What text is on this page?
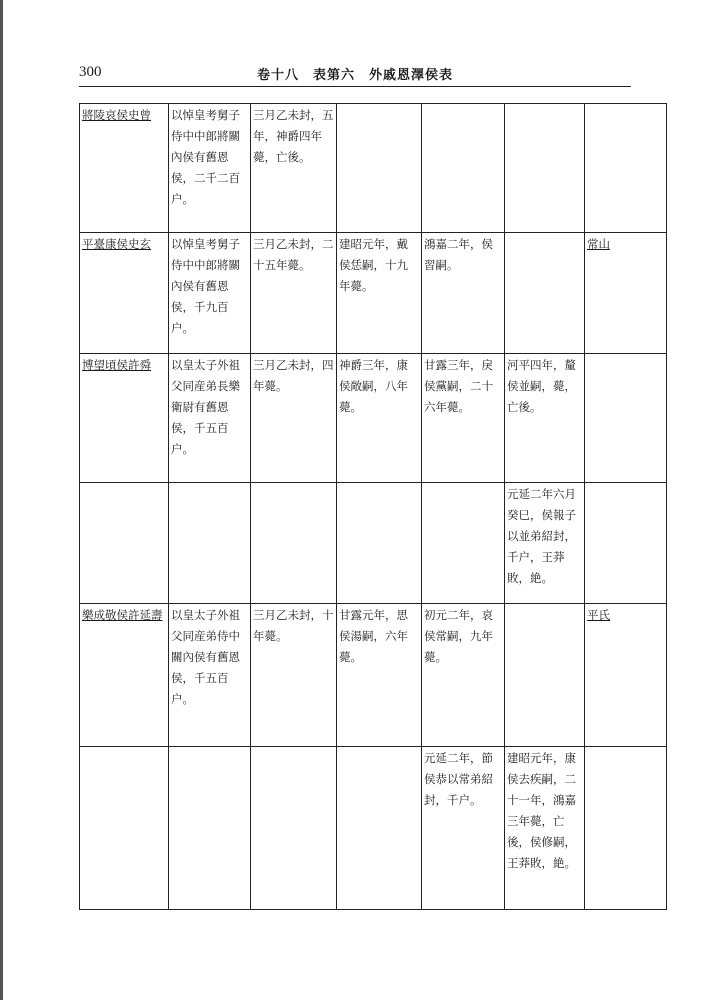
300	卷十八　表第六　外戚恩澤侯表
將陵哀侯史曾	以悼皇考舅子侍中中郎將關內侯有舊恩侯，二千二百户。	三月乙未封，五年，神爵四年薨，亡後。				
平臺康侯史玄	以悼皇考舅子侍中中郎將關內侯有舊恩侯，千九百户。	三月乙未封，二十五年薨。	建昭元年，戴侯恁嗣，十九年薨。	鴻嘉二年，侯習嗣。		常山
博望頃侯許舜	以皇太子外祖父同産弟長樂衛尉有舊恩侯，千五百户。	三月乙未封，四年薨。	神爵三年，康侯敞嗣，八年薨。	甘露三年，戾侯黨嗣，二十六年薨。	河平四年，釐侯並嗣，薨，亡後。	
					元延二年六月癸巳，侯報子以並弟紹封，千户，王莽敗，絶。	
樂成敬侯許延壽	以皇太子外祖父同産弟侍中關內侯有舊恩侯，千五百户。	三月乙未封，十年薨。	甘露元年，思侯湯嗣，六年薨。	初元二年，哀侯常嗣，九年薨。		平氏
				元延二年，節侯恭以常弟紹封，千户。	建昭元年，康侯去疾嗣，二十一年，鴻嘉三年薨，亡後，侯修嗣，王莽敗，絶。	
